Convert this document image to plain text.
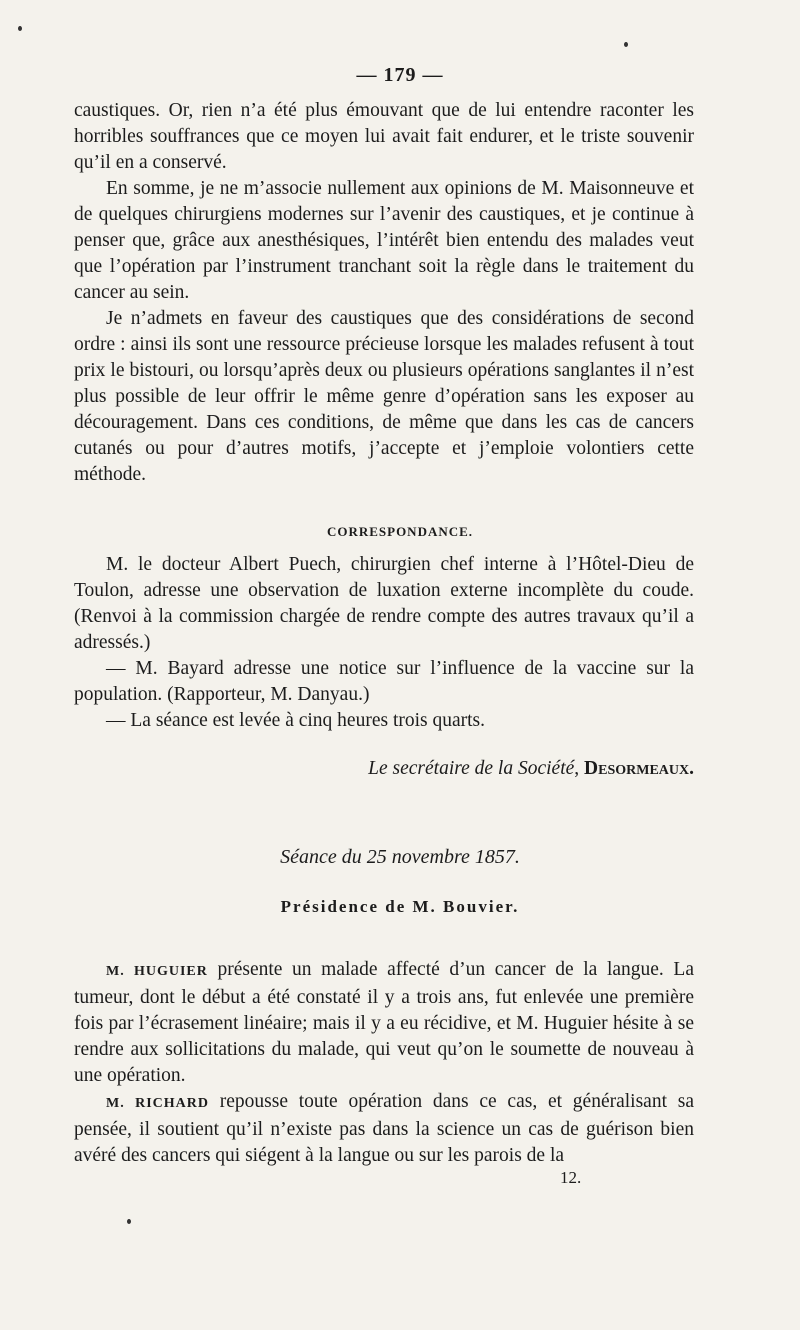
— 179 —

caustiques. Or, rien n’a été plus émouvant que de lui entendre raconter les horribles souffrances que ce moyen lui avait fait endurer, et le triste souvenir qu’il en a conservé.

En somme, je ne m’associe nullement aux opinions de M. Maisonneuve et de quelques chirurgiens modernes sur l’avenir des caustiques, et je continue à penser que, grâce aux anesthésiques, l’intérêt bien entendu des malades veut que l’opération par l’instrument tranchant soit la règle dans le traitement du cancer au sein.

Je n’admets en faveur des caustiques que des considérations de second ordre : ainsi ils sont une ressource précieuse lorsque les malades refusent à tout prix le bistouri, ou lorsqu’après deux ou plusieurs opérations sanglantes il n’est plus possible de leur offrir le même genre d’opération sans les exposer au découragement. Dans ces conditions, de même que dans les cas de cancers cutanés ou pour d’autres motifs, j’accepte et j’emploie volontiers cette méthode.

CORRESPONDANCE.

M. le docteur Albert Puech, chirurgien chef interne à l’Hôtel-Dieu de Toulon, adresse une observation de luxation externe incomplète du coude. (Renvoi à la commission chargée de rendre compte des autres travaux qu’il a adressés.)

— M. Bayard adresse une notice sur l’influence de la vaccine sur la population. (Rapporteur, M. Danyau.)

— La séance est levée à cinq heures trois quarts.

Le secrétaire de la Société, Desormeaux.
Séance du 25 novembre 1857.
Présidence de M. Bouvier.

M. HUGUIER présente un malade affecté d’un cancer de la langue. La tumeur, dont le début a été constaté il y a trois ans, fut enlevée une première fois par l’écrasement linéaire; mais il y a eu récidive, et M. Huguier hésite à se rendre aux sollicitations du malade, qui veut qu’on le soumette de nouveau à une opération.

M. RICHARD repousse toute opération dans ce cas, et généralisant sa pensée, il soutient qu’il n’existe pas dans la science un cas de guérison bien avéré des cancers qui siégent à la langue ou sur les parois de la

12.
